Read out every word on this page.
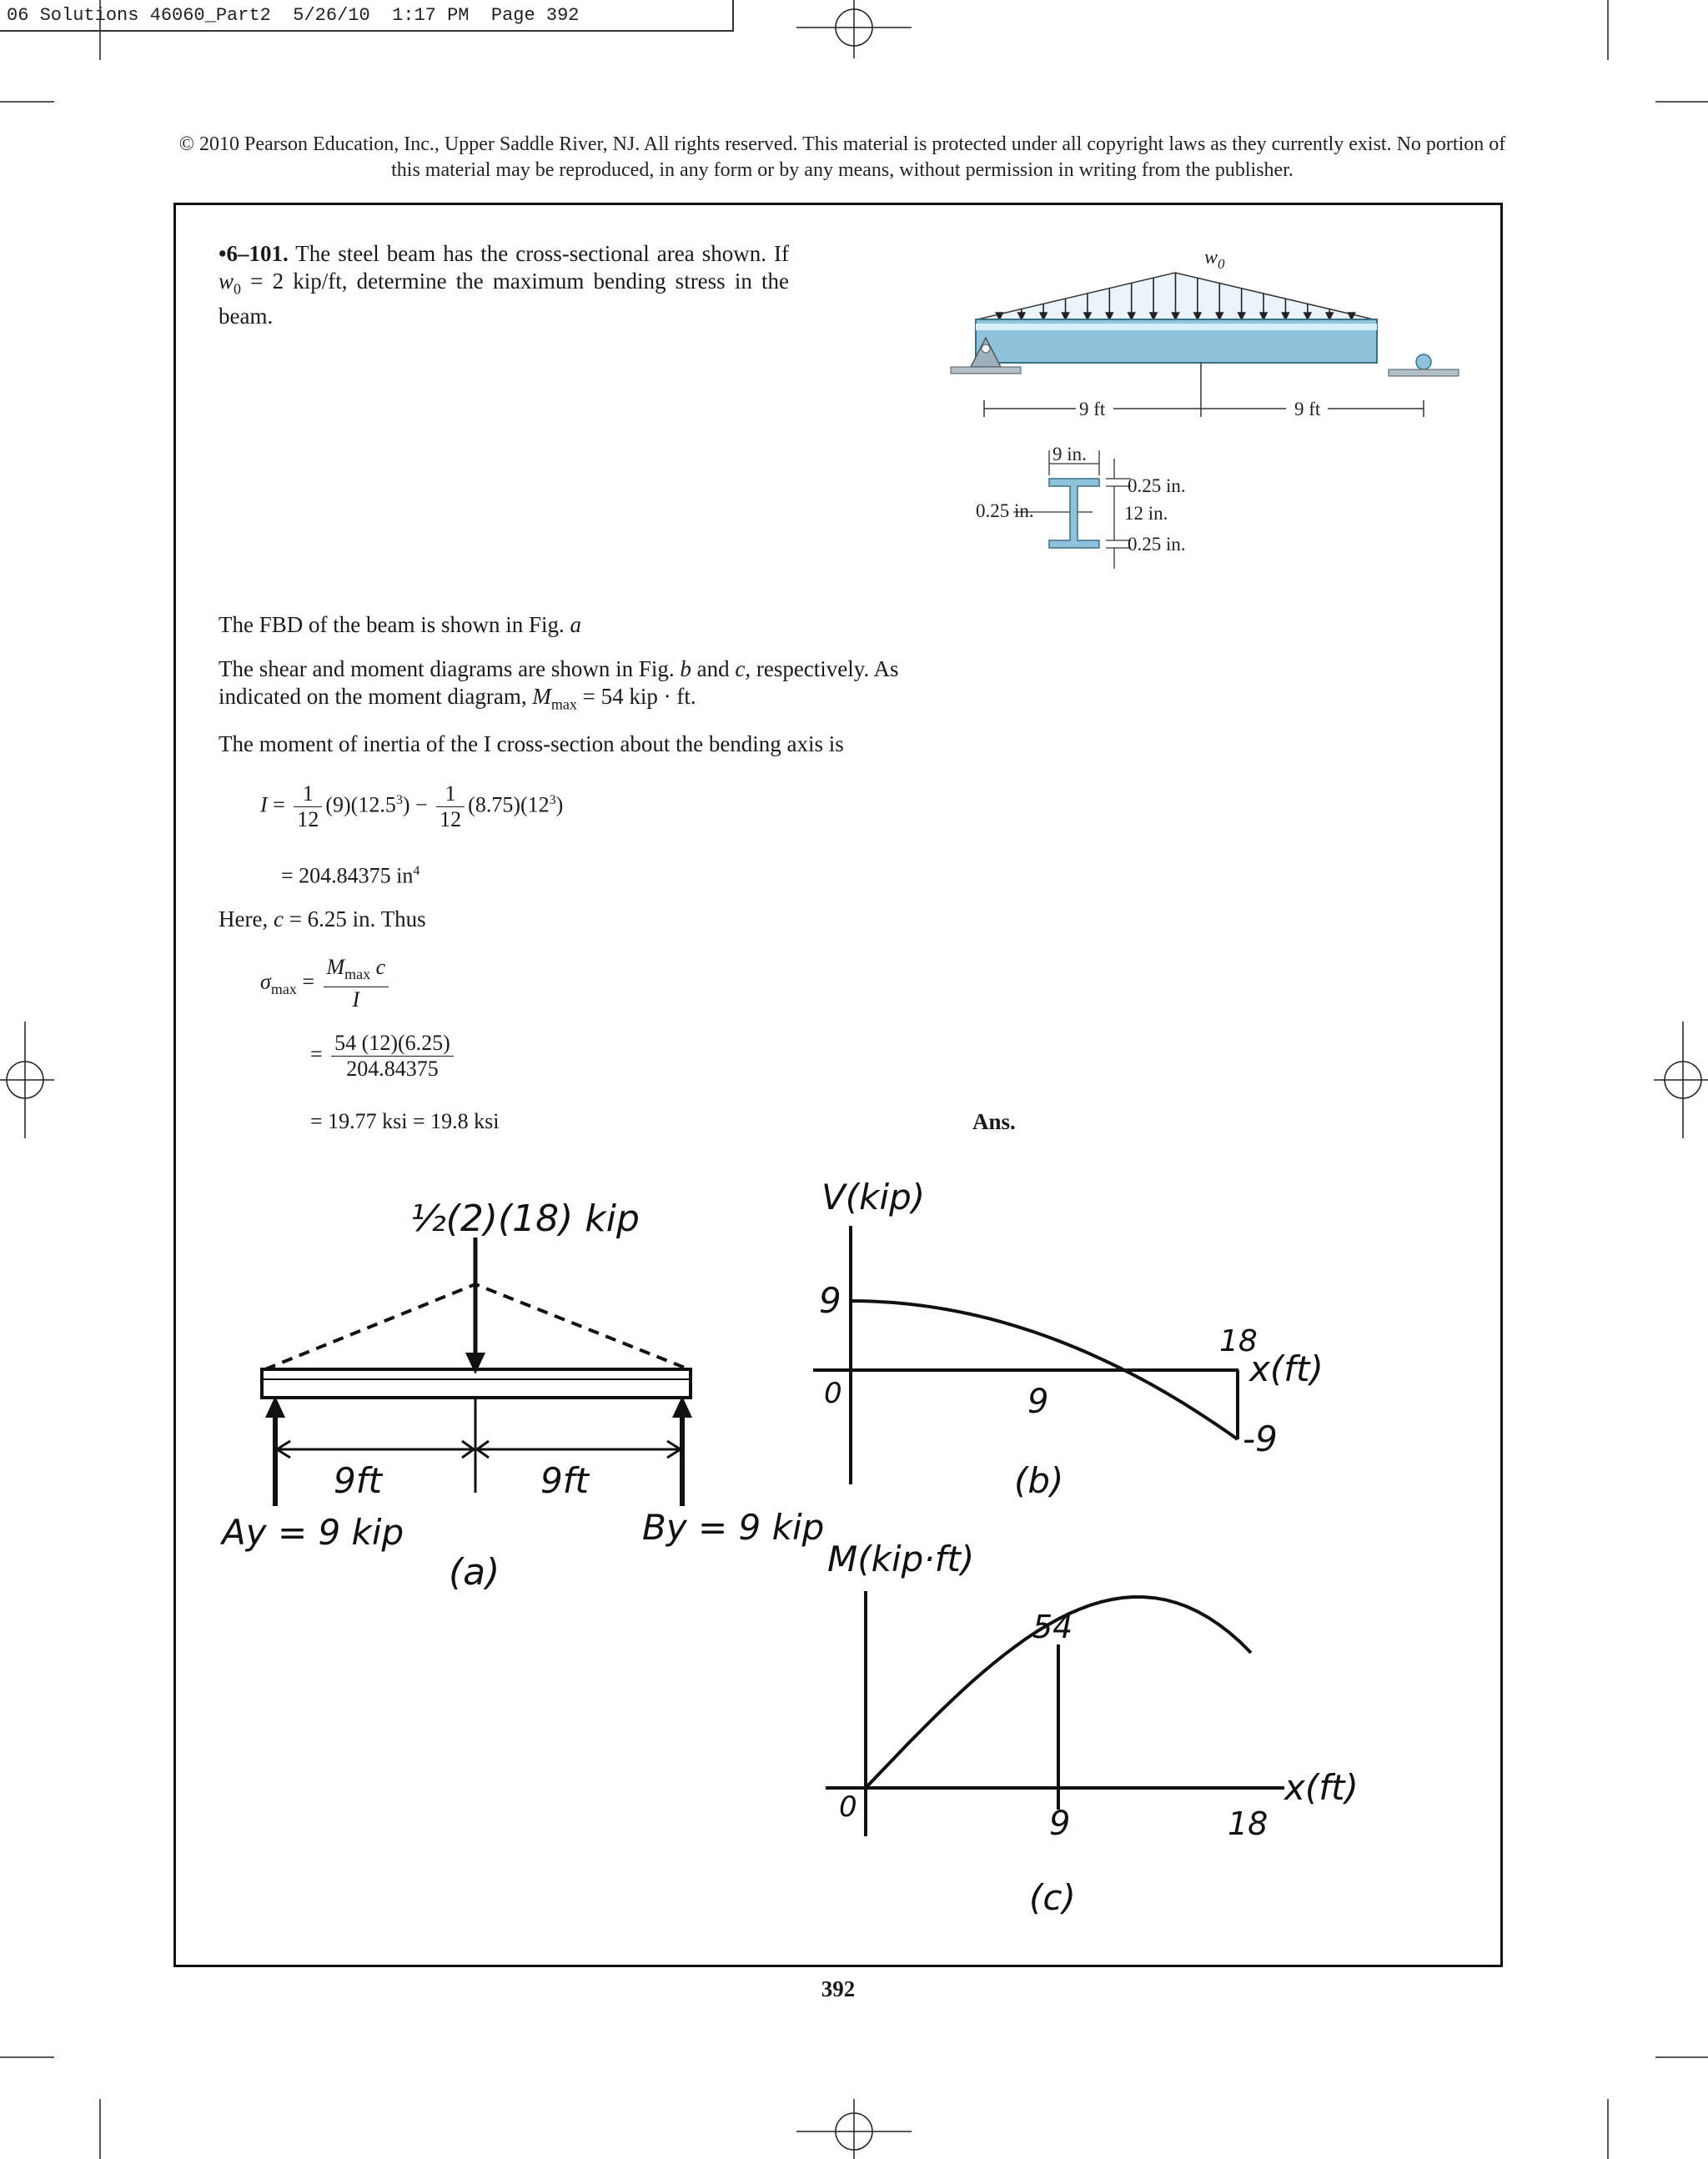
06 Solutions 46060_Part2  5/26/10  1:17 PM  Page 392
© 2010 Pearson Education, Inc., Upper Saddle River, NJ. All rights reserved. This material is protected under all copyright laws as they currently exist. No portion of this material may be reproduced, in any form or by any means, without permission in writing from the publisher.
•6–101. The steel beam has the cross-sectional area shown. If $w_0 = 2$ kip/ft, determine the maximum bending stress in the beam.
$w_0$
9 ft	9 ft
9 in.
0.25 in.
0.25 in.	12 in.
0.25 in.
The FBD of the beam is shown in Fig. a
The shear and moment diagrams are shown in Fig. b and c, respectively. As
indicated on the moment diagram, $M_{max} = 54$ kip · ft.
The moment of inertia of the I cross-section about the bending axis is
$I = \frac{1}{12} (9)(12.5^3) - \frac{1}{12} (8.75)(12^3)$
= 204.84375 $in^4$
Here, c = 6.25 in. Thus
$\sigma_{max} = \frac{M_{max} c}{I}$
= $\frac{54 (12)(6.25)}{204.84375}$
= 19.77 ksi = 19.8 ksi	Ans.
½(2)(18) kip
9ft	9ft
Ay = 9 kip	By = 9 kip
(a)
V(kip)
9
0	9
18
x(ft)
-9
(b)
M(kip·ft)
54
0	9	18
x(ft)
(c)
392
